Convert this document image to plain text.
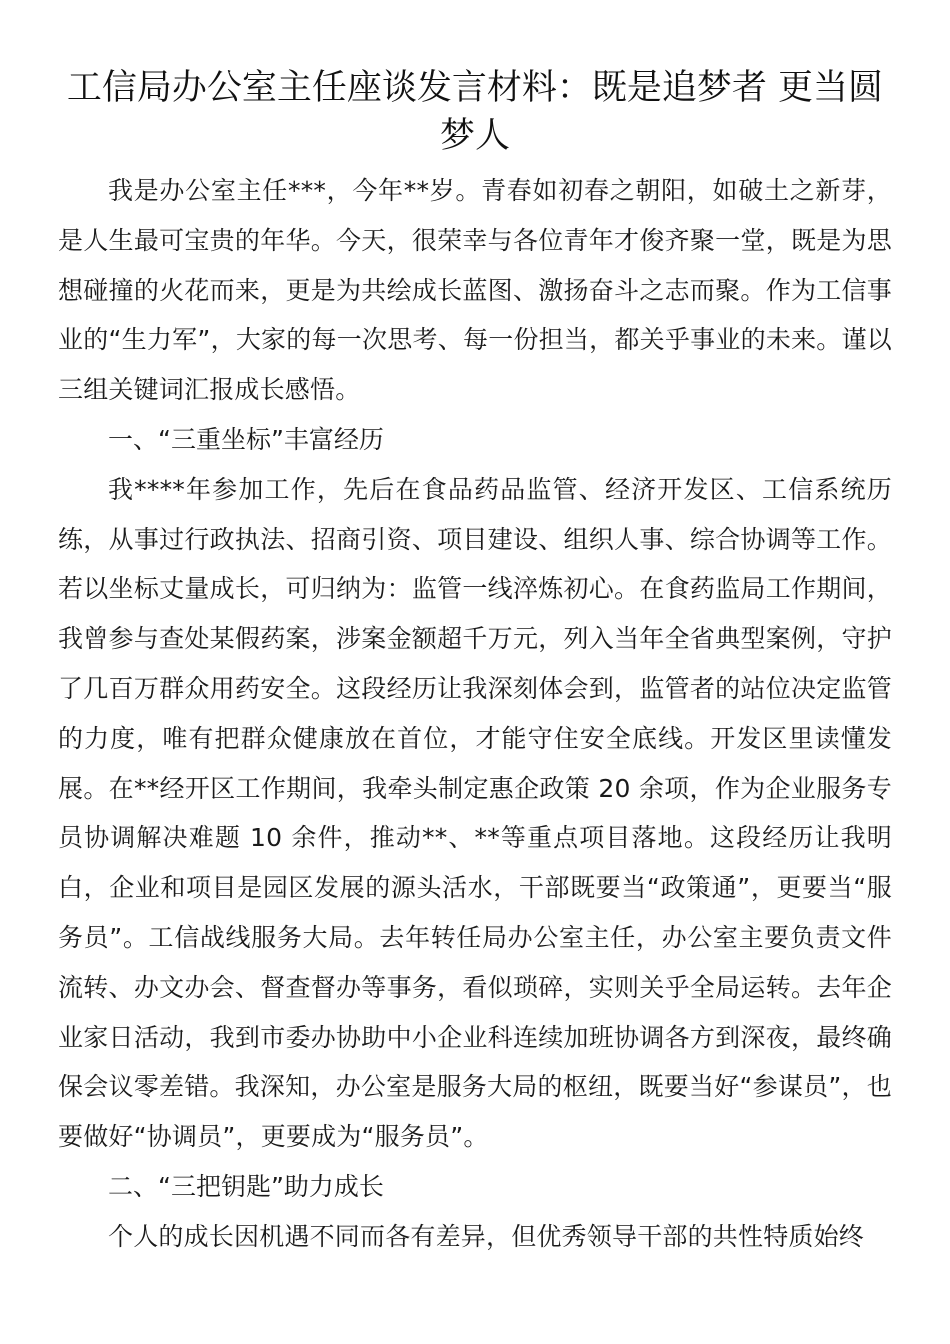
工信局办公室主任座谈发言材料：既是追梦者 更当圆梦人

我是办公室主任***，今年**岁。青春如初春之朝阳，如破土之新芽，是人生最可宝贵的年华。今天，很荣幸与各位青年才俊齐聚一堂，既是为思想碰撞的火花而来，更是为共绘成长蓝图、激扬奋斗之志而聚。作为工信事业的“生力军”，大家的每一次思考、每一份担当，都关乎事业的未来。谨以三组关键词汇报成长感悟。

一、“三重坐标”丰富经历

我****年参加工作，先后在食品药品监管、经济开发区、工信系统历练，从事过行政执法、招商引资、项目建设、组织人事、综合协调等工作。若以坐标丈量成长，可归纳为：监管一线淬炼初心。在食药监局工作期间，我曾参与查处某假药案，涉案金额超千万元，列入当年全省典型案例，守护了几百万群众用药安全。这段经历让我深刻体会到，监管者的站位决定监管的力度，唯有把群众健康放在首位，才能守住安全底线。开发区里读懂发展。在**经开区工作期间，我牵头制定惠企政策 20 余项，作为企业服务专员协调解决难题 10 余件，推动**、**等重点项目落地。这段经历让我明白，企业和项目是园区发展的源头活水，干部既要当“政策通”，更要当“服务员”。工信战线服务大局。去年转任局办公室主任，办公室主要负责文件流转、办文办会、督查督办等事务，看似琐碎，实则关乎全局运转。去年企业家日活动，我到市委办协助中小企业科连续加班协调各方到深夜，最终确保会议零差错。我深知，办公室是服务大局的枢纽，既要当好“参谋员”，也要做好“协调员”，更要成为“服务员”。

二、“三把钥匙”助力成长

个人的成长因机遇不同而各有差异，但优秀领导干部的共性特质始终
